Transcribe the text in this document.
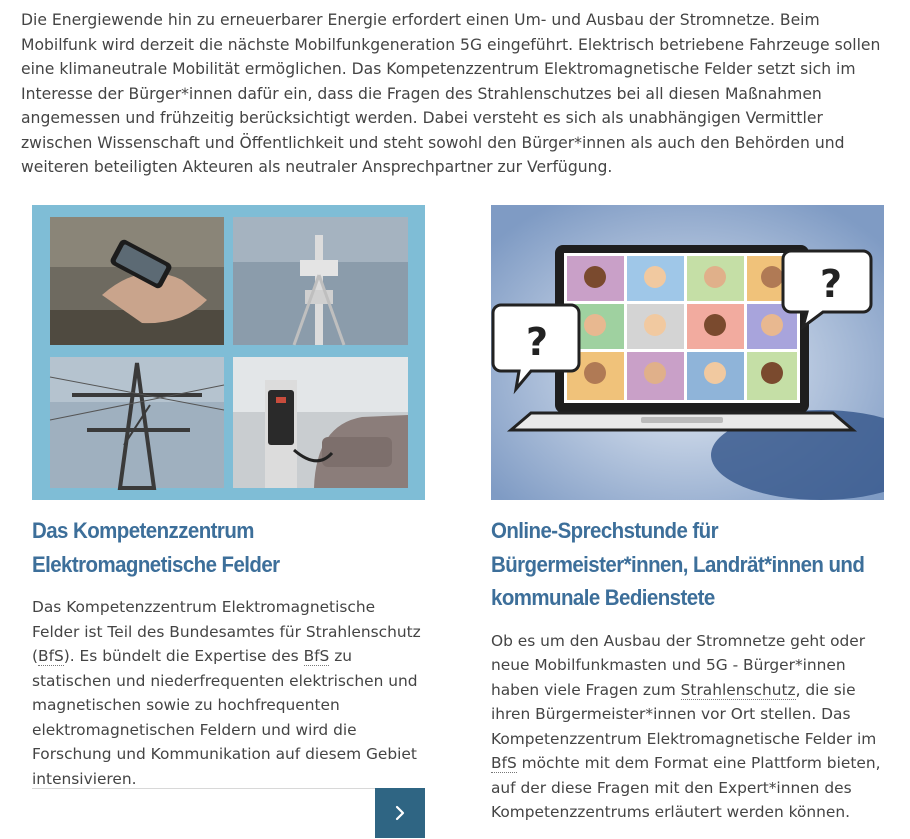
Die Energiewende hin zu erneuerbarer Energie erfordert einen Um- und Ausbau der Stromnetze. Beim Mobilfunk wird derzeit die nächste Mobilfunkgeneration 5G eingeführt. Elektrisch betriebene Fahrzeuge sollen eine klimaneutrale Mobilität ermöglichen. Das Kompetenzzentrum Elektromagnetische Felder setzt sich im Interesse der Bürger*innen dafür ein, dass die Fragen des Strahlenschutzes bei all diesen Maßnahmen angemessen und frühzeitig berücksichtigt werden. Dabei versteht es sich als unabhängigen Vermittler zwischen Wissenschaft und Öffentlichkeit und steht sowohl den Bürger*innen als auch den Behörden und weiteren beteiligten Akteuren als neutraler Ansprechpartner zur Verfügung.

Das Kompetenzzentrum Elektromagnetische Felder

Das Kompetenzzentrum Elektromagnetische Felder ist Teil des Bundesamtes für Strahlenschutz (BfS). Es bündelt die Expertise des BfS zu statischen und niederfrequenten elektrischen und magnetischen sowie zu hochfrequenten elektromagnetischen Feldern und wird die Forschung und Kommunikation auf diesem Gebiet intensivieren.

?
?
Online-Sprechstunde für Bürgermeister*innen, Landrät*innen und kommunale Bedienstete

Ob es um den Ausbau der Stromnetze geht oder neue Mobilfunkmasten und 5G - Bürger*innen haben viele Fragen zum Strahlenschutz, die sie ihren Bürgermeister*innen vor Ort stellen. Das Kompetenzzentrum Elektromagnetische Felder im BfS möchte mit dem Format eine Plattform bieten, auf der diese Fragen mit den Expert*innen des Kompetenzzentrums erläutert werden können.
